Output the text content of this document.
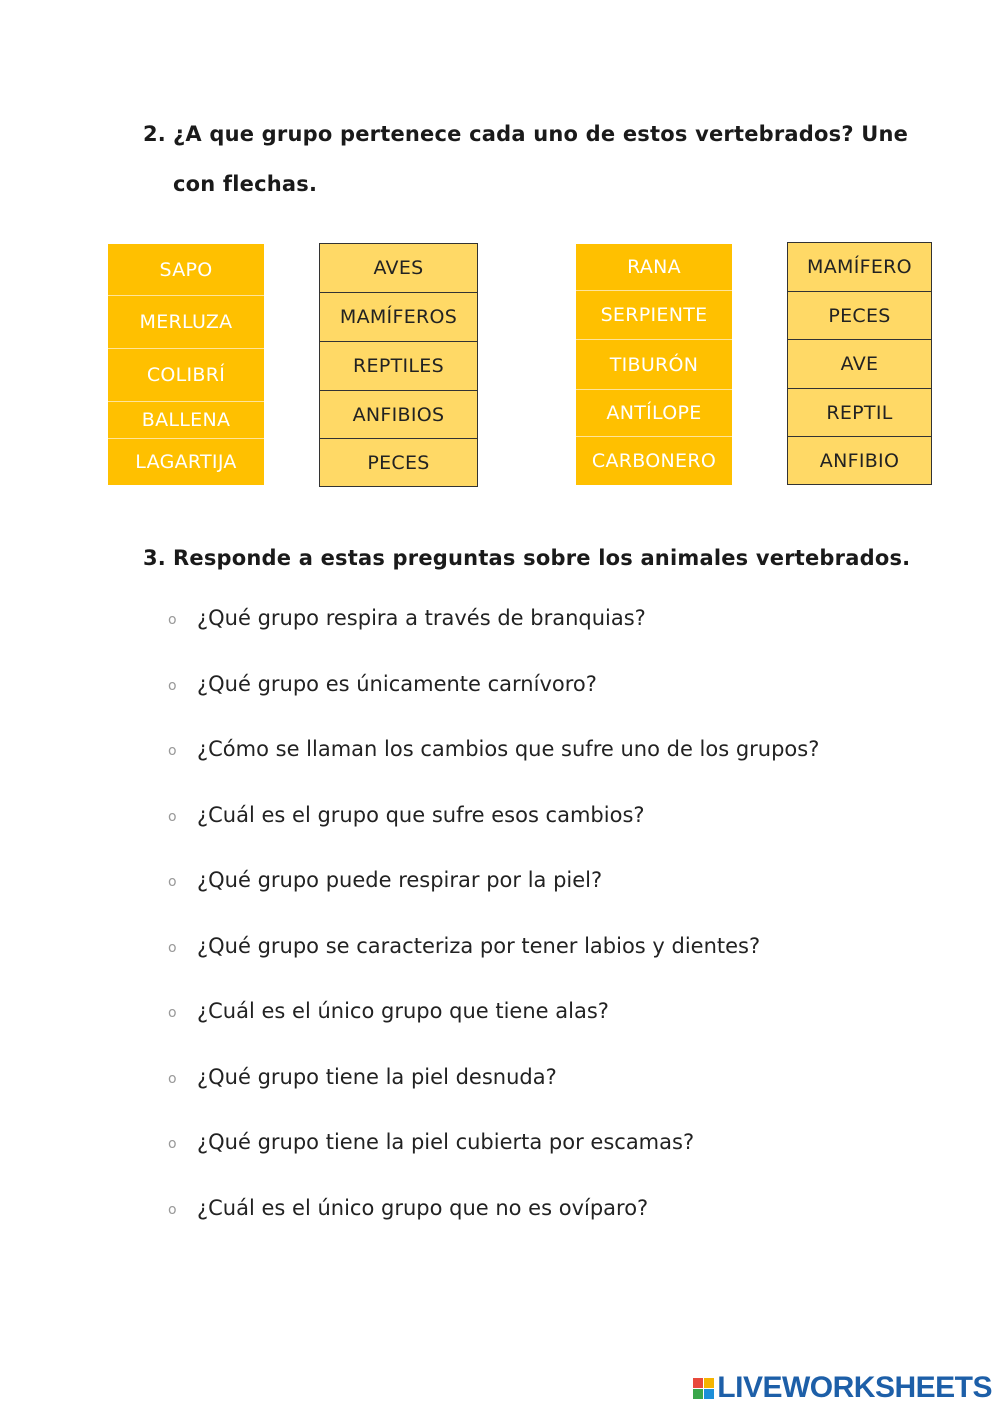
2. ¿A que grupo pertenece cada uno de estos vertebrados? Une
con flechas.
SAPO
MERLUZA
COLIBRÍ
BALLENA
LAGARTIJA
AVES
MAMÍFEROS
REPTILES
ANFIBIOS
PECES
RANA
SERPIENTE
TIBURÓN
ANTÍLOPE
CARBONERO
MAMÍFERO
PECES
AVE
REPTIL
ANFIBIO
3. Responde a estas preguntas sobre los animales vertebrados.
o ¿Qué grupo respira a través de branquias?
o ¿Qué grupo es únicamente carnívoro?
o ¿Cómo se llaman los cambios que sufre uno de los grupos?
o ¿Cuál es el grupo que sufre esos cambios?
o ¿Qué grupo puede respirar por la piel?
o ¿Qué grupo se caracteriza por tener labios y dientes?
o ¿Cuál es el único grupo que tiene alas?
o ¿Qué grupo tiene la piel desnuda?
o ¿Qué grupo tiene la piel cubierta por escamas?
o ¿Cuál es el único grupo que no es ovíparo?
LIVEWORKSHEETS
